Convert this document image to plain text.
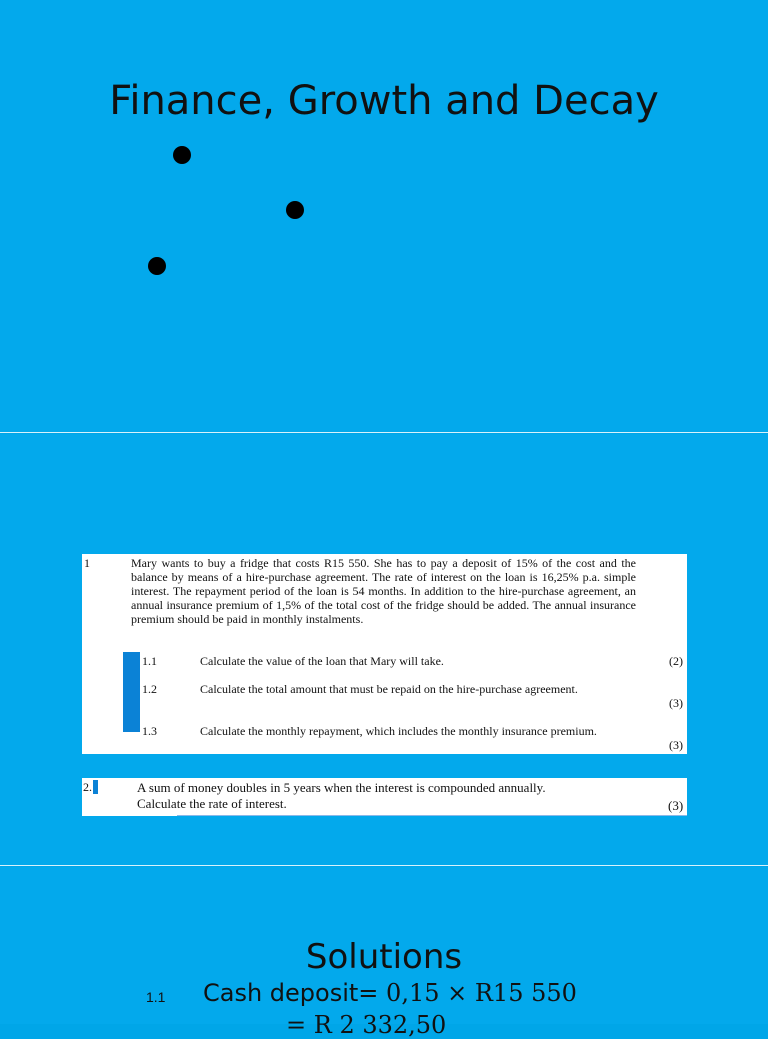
Finance, Growth and Decay
1	Mary wants to buy a fridge that costs R15 550. She has to pay a deposit of 15% of the cost and the balance by means of a hire-purchase agreement. The rate of interest on the loan is 16,25% p.a. simple interest. The repayment period of the loan is 54 months. In addition to the hire-purchase agreement, an annual insurance premium of 1,5% of the total cost of the fridge should be added. The annual insurance premium should be paid in monthly instalments.

1.1	Calculate the value of the loan that Mary will take.	(2)
1.2	Calculate the total amount that must be repaid on the hire-purchase agreement.
(3)
1.3	Calculate the monthly repayment, which includes the monthly insurance premium.
(3)
2.	A sum of money doubles in 5 years when the interest is compounded annually.
Calculate the rate of interest.	(3)
Solutions
1.1 Cash deposit= 0,15 × R15 550
= R 2 332,50
